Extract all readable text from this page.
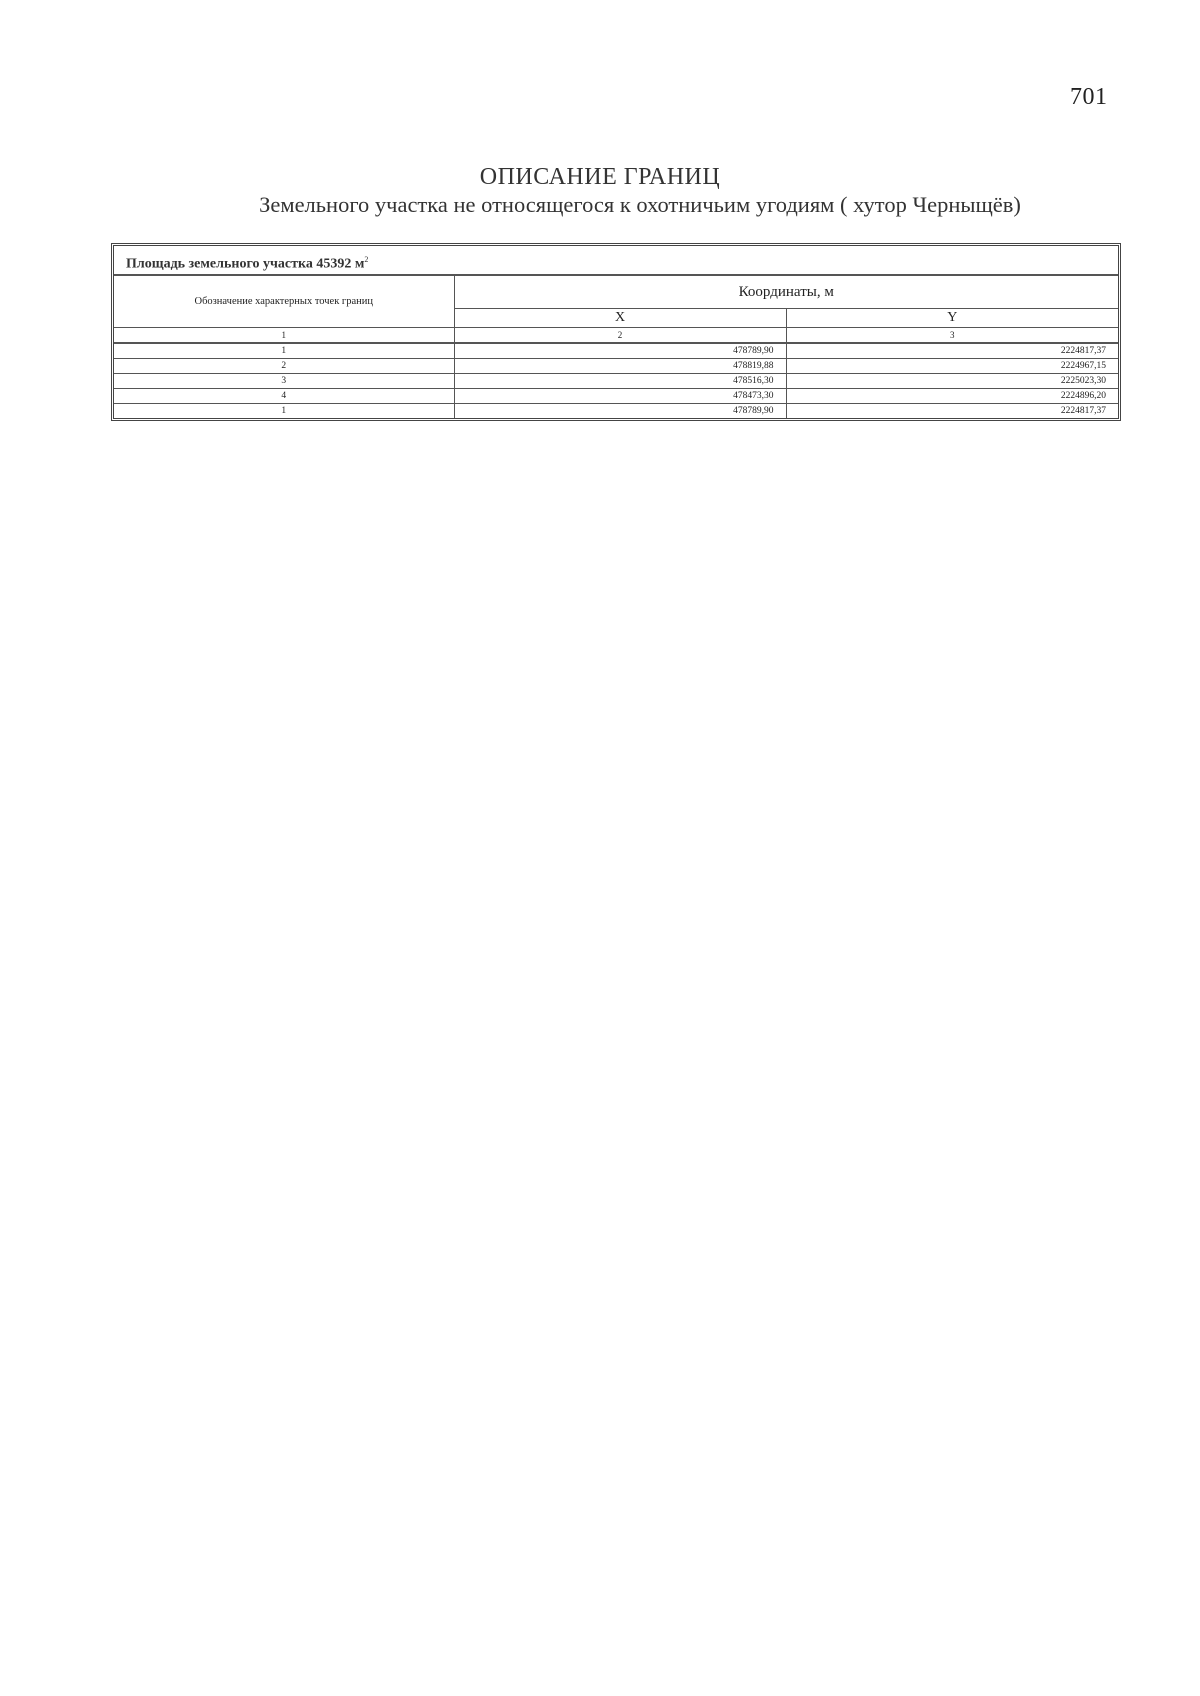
701
ОПИСАНИЕ ГРАНИЦ
Земельного участка не относящегося к охотничьим угодиям ( хутор Черныщёв)
Площадь земельного участка 45392 $м^2$
Обозначение характерных точек границ	Координаты, м	
	X	Y
1	2	3
1	478789,90	2224817,37
2	478819,88	2224967,15
3	478516,30	2225023,30
4	478473,30	2224896,20
1	478789,90	2224817,37
